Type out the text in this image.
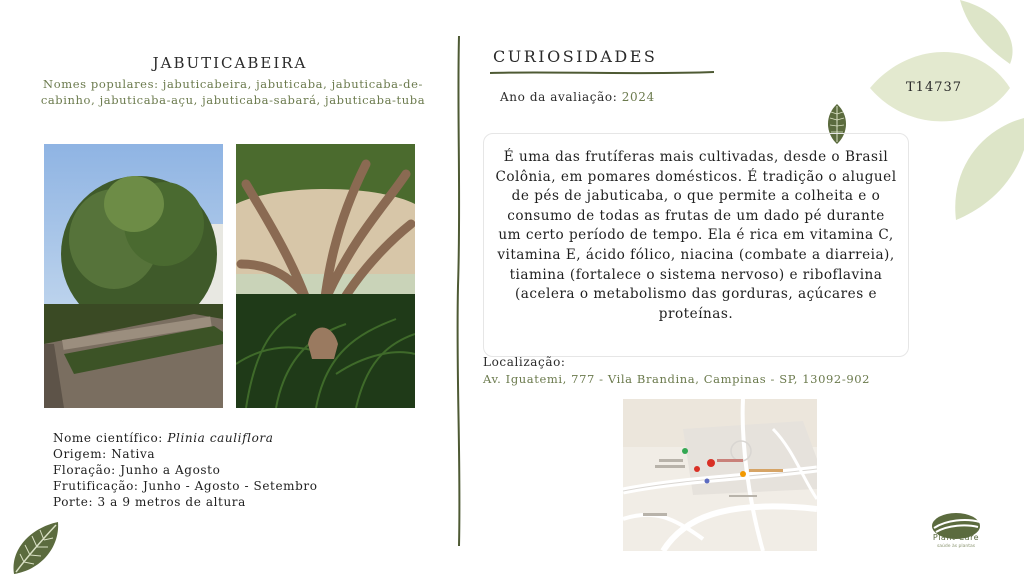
T14737
JABUTICABEIRA
Nomes populares: jabuticabeira, jabuticaba, jabuticaba-de-cabinho, jabuticaba-açu, jabuticaba-sabará, jabuticaba-tuba
Nome científico: Plinia cauliflora
Origem: Nativa
Floração: Junho a Agosto
Frutificação: Junho - Agosto - Setembro
Porte: 3 a 9 metros de altura
CURIOSIDADES
Ano da avaliação: 2024
É uma das frutíferas mais cultivadas, desde o Brasil Colônia, em pomares domésticos. É tradição o aluguel de pés de jabuticaba, o que permite a colheita e o consumo de todas as frutas de um dado pé durante um certo período de tempo. Ela é rica em vitamina C, vitamina E, ácido fólico, niacina (combate a diarreia), tiamina (fortalece o sistema nervoso) e riboflavina (acelera o metabolismo das gorduras, açúcares e proteínas.
Localização:
Av. Iguatemi, 777 - Vila Brandina, Campinas - SP, 13092-902
Plant Care
saúde às plantas
